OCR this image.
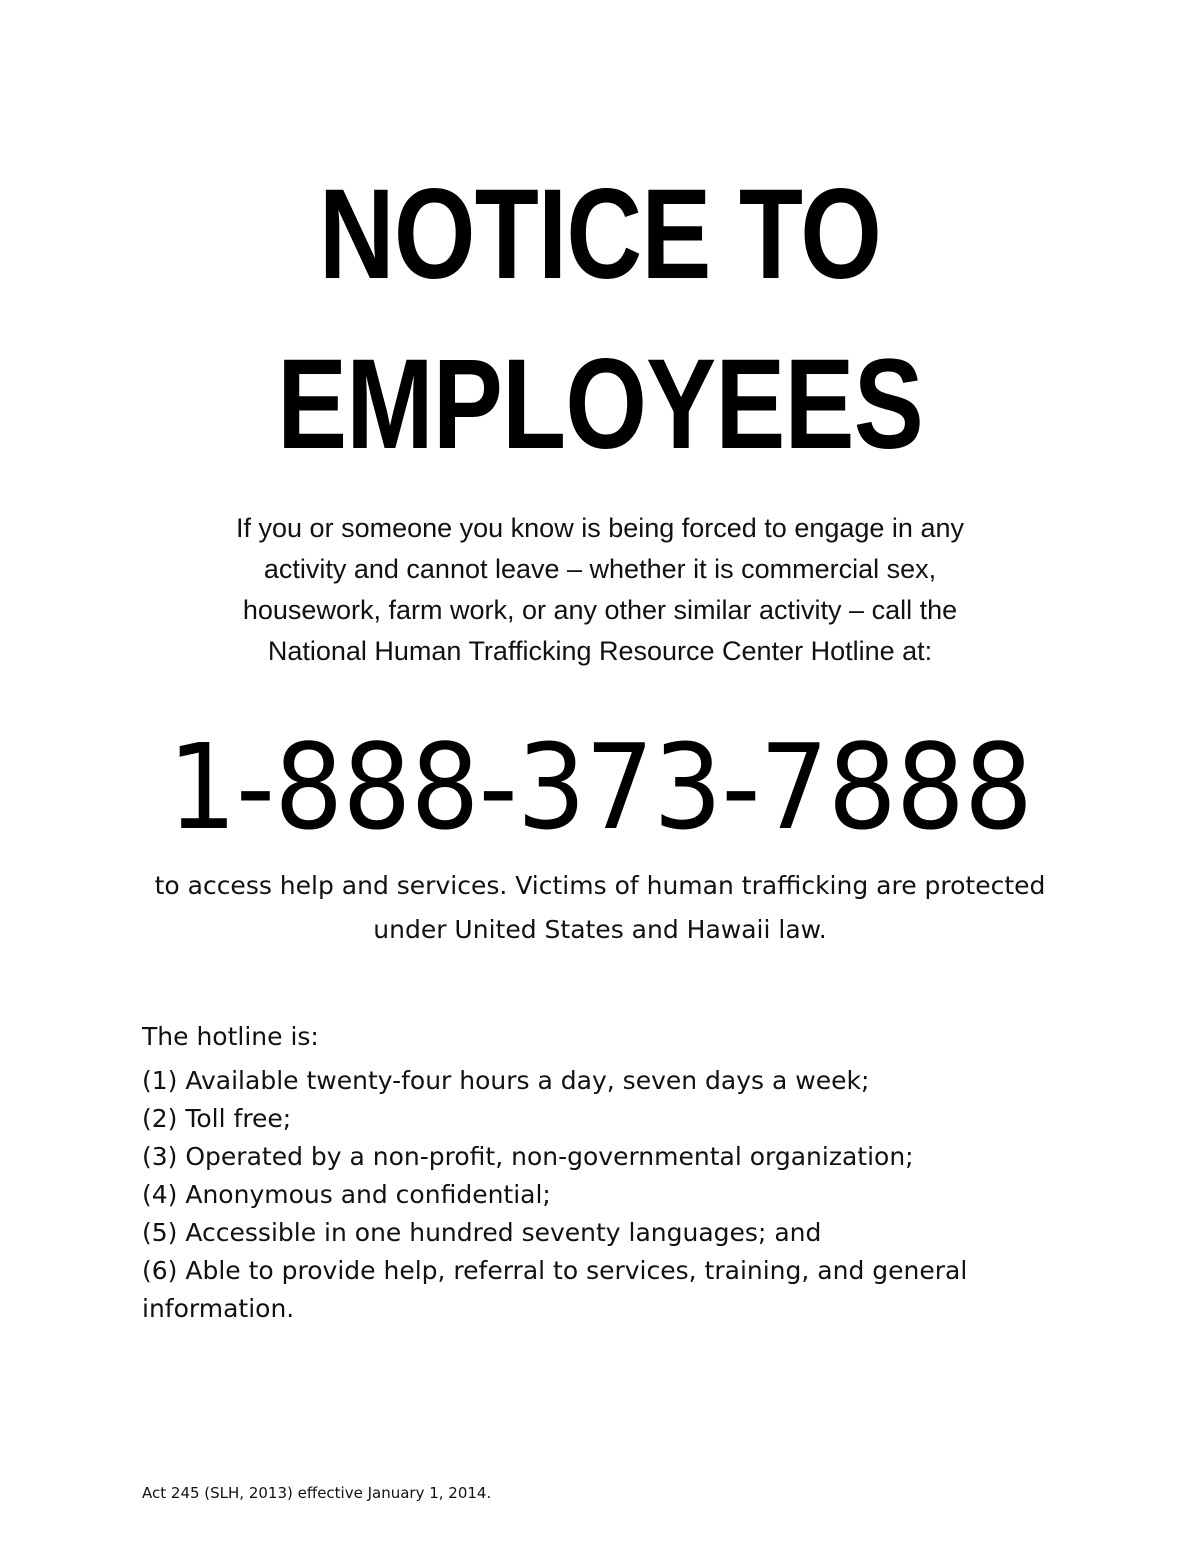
NOTICE TO
EMPLOYEES
If you or someone you know is being forced to engage in any
activity and cannot leave – whether it is commercial sex,
housework, farm work, or any other similar activity – call the
National Human Trafficking Resource Center Hotline at:
1-888-373-7888
to access help and services. Victims of human trafficking are protected
under United States and Hawaii law.
The hotline is:
(1) Available twenty-four hours a day, seven days a week;
(2) Toll free;
(3) Operated by a non-profit, non-governmental organization;
(4) Anonymous and confidential;
(5) Accessible in one hundred seventy languages; and
(6) Able to provide help, referral to services, training, and general information.
Act 245 (SLH, 2013) effective January 1, 2014.
